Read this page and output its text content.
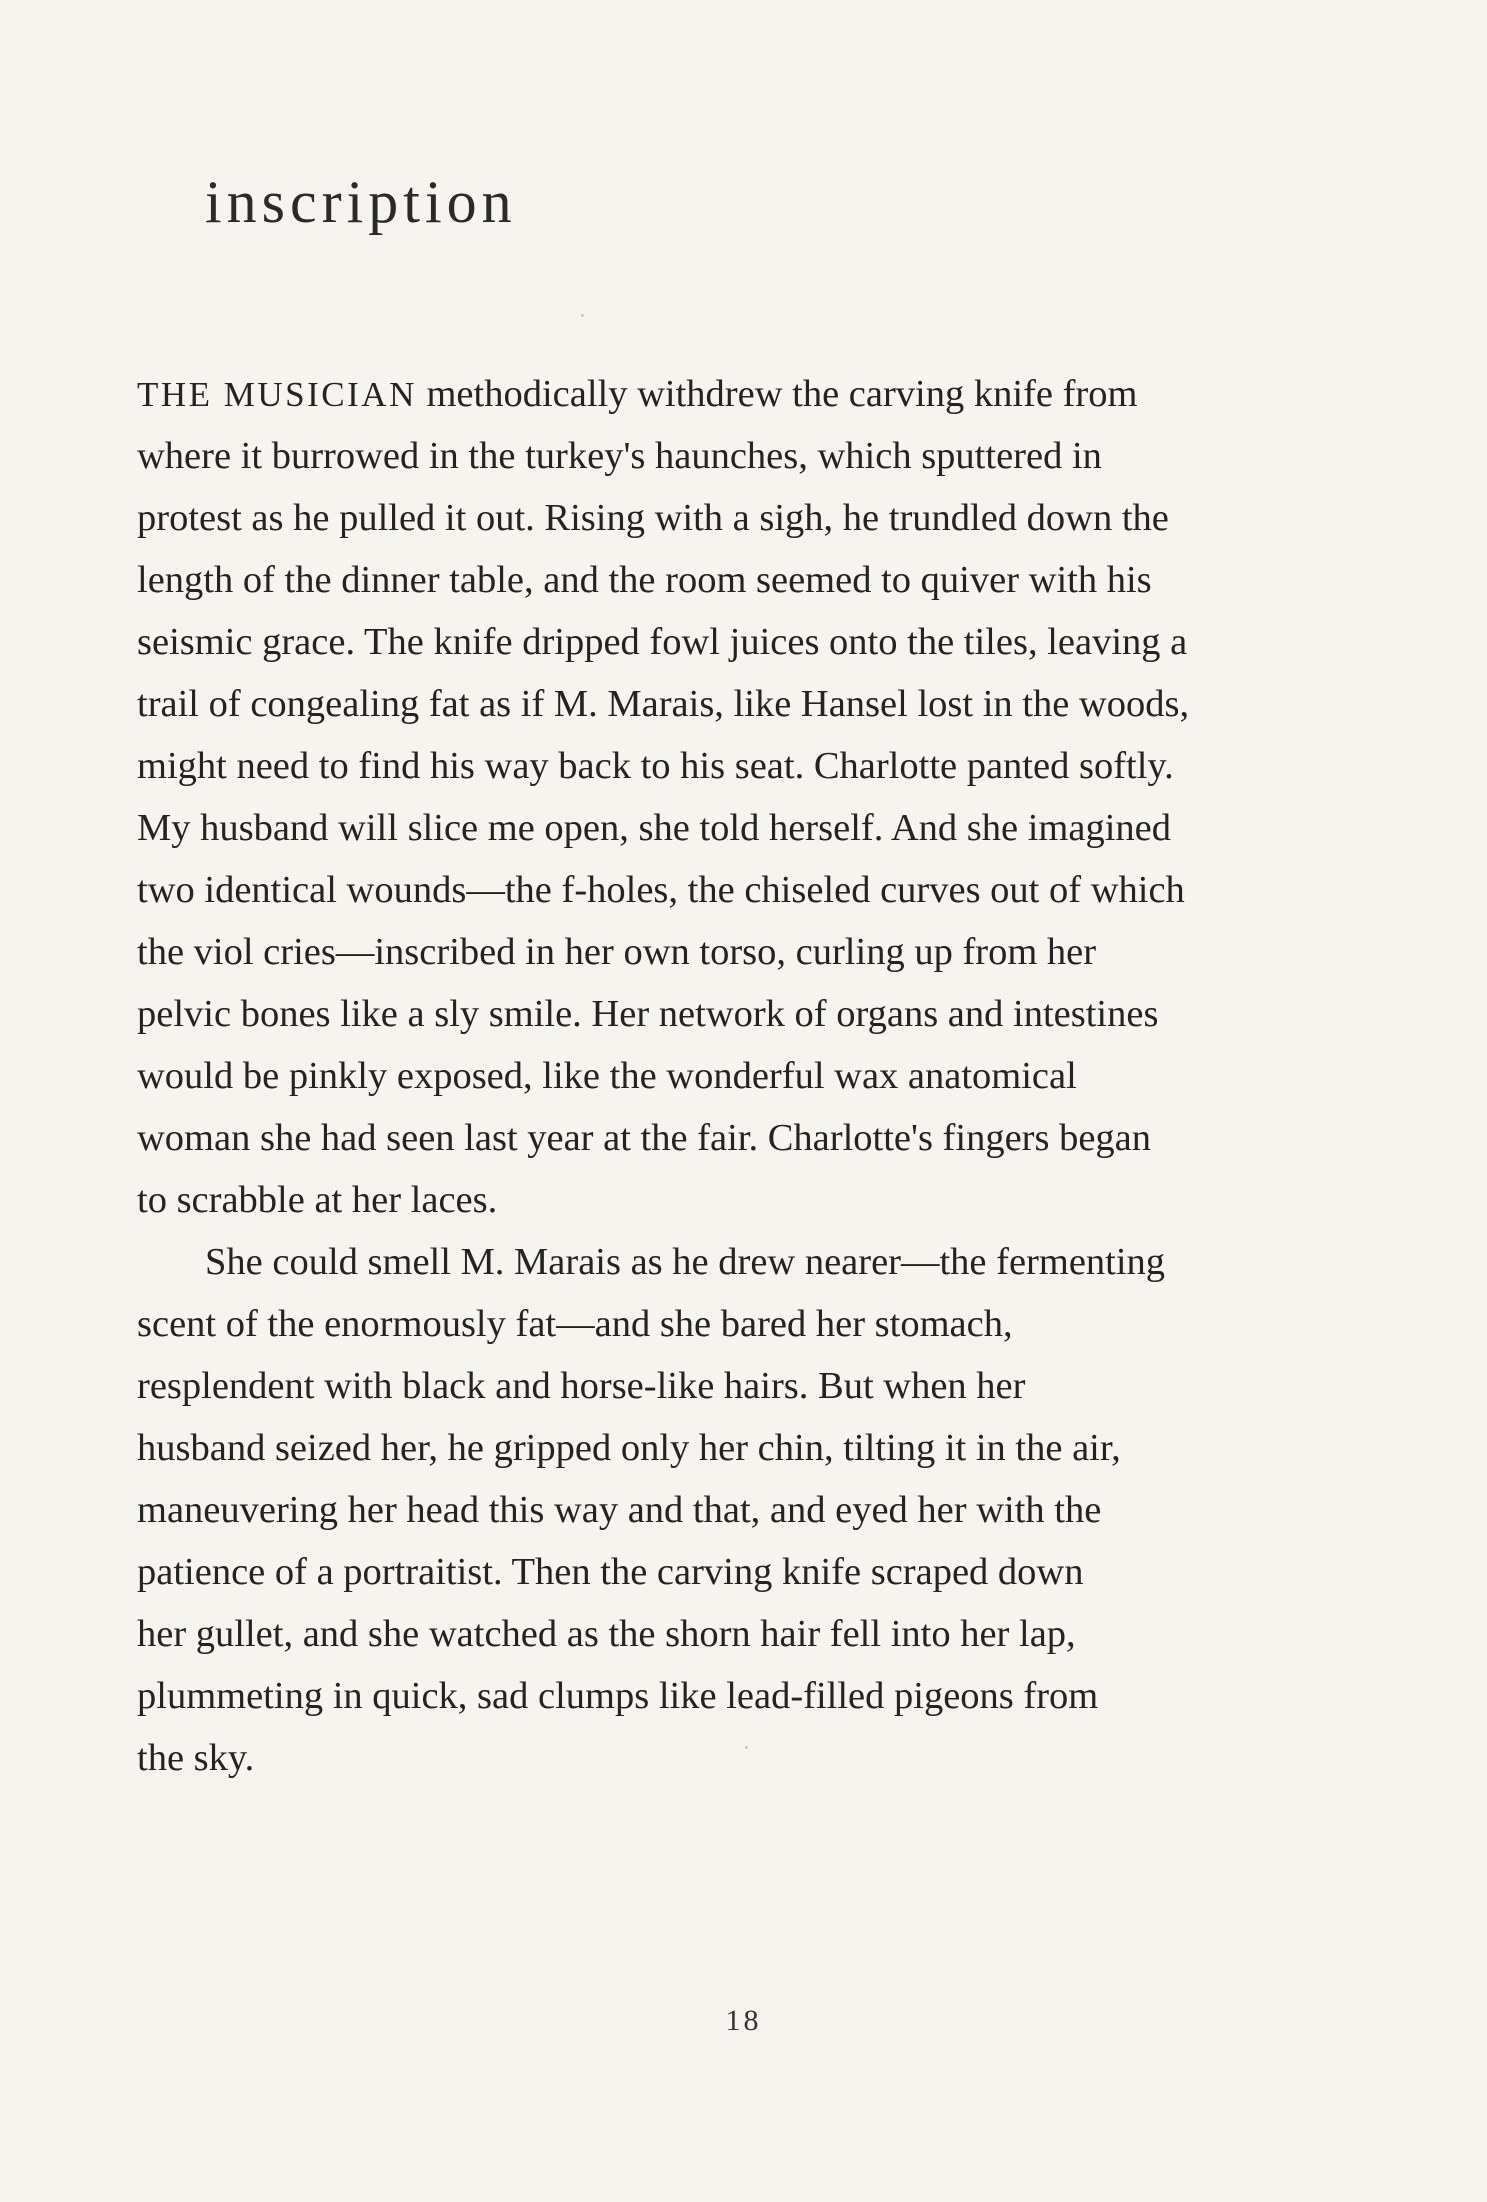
inscription
THE MUSICIAN methodically withdrew the carving knife from
where it burrowed in the turkey's haunches, which sputtered in
protest as he pulled it out. Rising with a sigh, he trundled down the
length of the dinner table, and the room seemed to quiver with his
seismic grace. The knife dripped fowl juices onto the tiles, leaving a
trail of congealing fat as if M. Marais, like Hansel lost in the woods,
might need to find his way back to his seat. Charlotte panted softly.
My husband will slice me open, she told herself. And she imagined
two identical wounds—the f-holes, the chiseled curves out of which
the viol cries—inscribed in her own torso, curling up from her
pelvic bones like a sly smile. Her network of organs and intestines
would be pinkly exposed, like the wonderful wax anatomical
woman she had seen last year at the fair. Charlotte's fingers began
to scrabble at her laces.
She could smell M. Marais as he drew nearer—the fermenting
scent of the enormously fat—and she bared her stomach,
resplendent with black and horse-like hairs. But when her
husband seized her, he gripped only her chin, tilting it in the air,
maneuvering her head this way and that, and eyed her with the
patience of a portraitist. Then the carving knife scraped down
her gullet, and she watched as the shorn hair fell into her lap,
plummeting in quick, sad clumps like lead-filled pigeons from
the sky.
18
